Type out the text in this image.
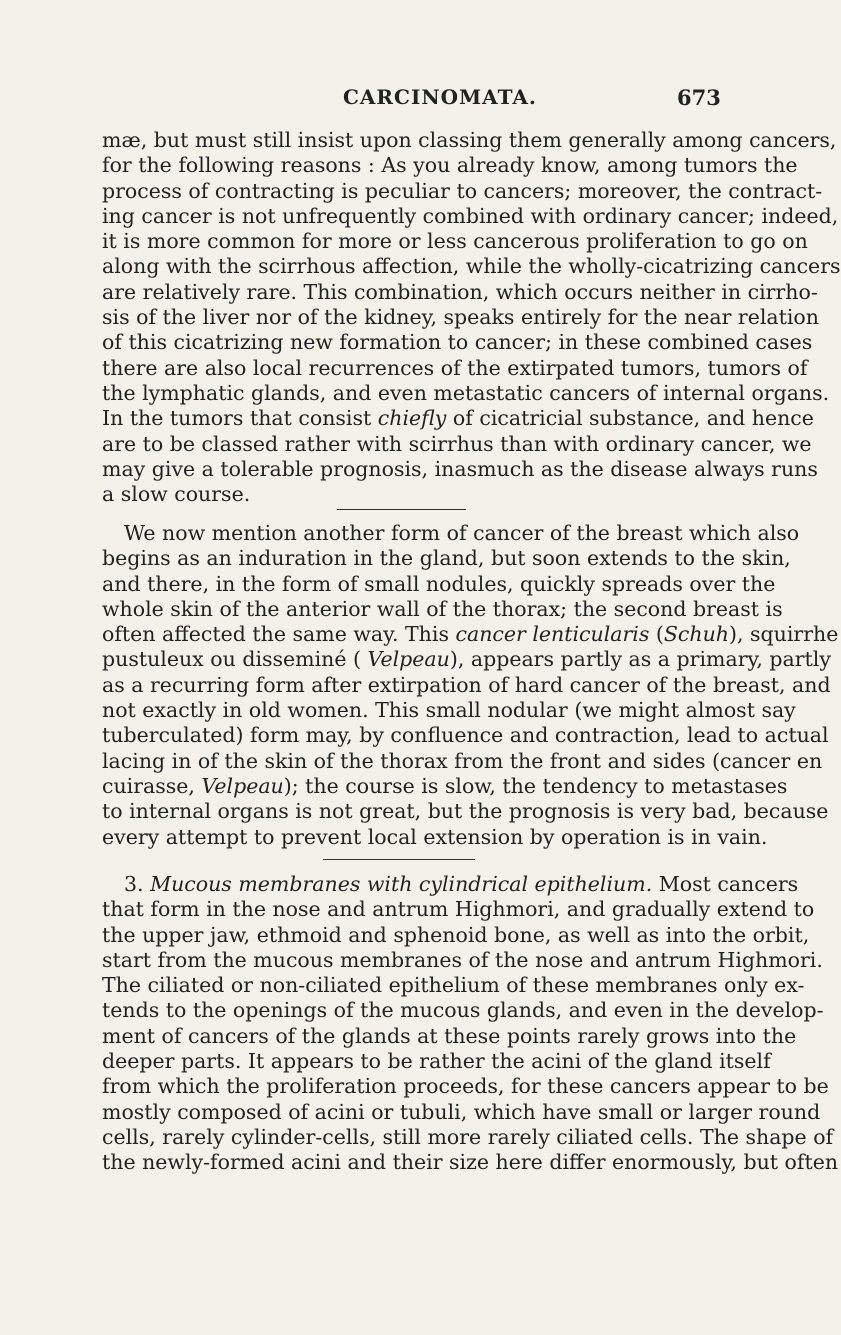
CARCINOMATA.	673
mæ, but must still insist upon classing them generally among cancers,
for the following reasons : As you already know, among tumors the
process of contracting is peculiar to cancers; moreover, the contract-
ing cancer is not unfrequently combined with ordinary cancer; indeed,
it is more common for more or less cancerous proliferation to go on
along with the scirrhous affection, while the wholly-cicatrizing cancers
are relatively rare. This combination, which occurs neither in cirrho-
sis of the liver nor of the kidney, speaks entirely for the near relation
of this cicatrizing new formation to cancer; in these combined cases
there are also local recurrences of the extirpated tumors, tumors of
the lymphatic glands, and even metastatic cancers of internal organs.
In the tumors that consist chiefly of cicatricial substance, and hence
are to be classed rather with scirrhus than with ordinary cancer, we
may give a tolerable prognosis, inasmuch as the disease always runs
a slow course.
We now mention another form of cancer of the breast which also
begins as an induration in the gland, but soon extends to the skin,
and there, in the form of small nodules, quickly spreads over the
whole skin of the anterior wall of the thorax; the second breast is
often affected the same way. This cancer lenticularis (Schuh), squirrhe
pustuleux ou disseminé ( Velpeau), appears partly as a primary, partly
as a recurring form after extirpation of hard cancer of the breast, and
not exactly in old women. This small nodular (we might almost say
tuberculated) form may, by confluence and contraction, lead to actual
lacing in of the skin of the thorax from the front and sides (cancer en
cuirasse, Velpeau); the course is slow, the tendency to metastases
to internal organs is not great, but the prognosis is very bad, because
every attempt to prevent local extension by operation is in vain.
3. Mucous membranes with cylindrical epithelium. Most cancers
that form in the nose and antrum Highmori, and gradually extend to
the upper jaw, ethmoid and sphenoid bone, as well as into the orbit,
start from the mucous membranes of the nose and antrum Highmori.
The ciliated or non-ciliated epithelium of these membranes only ex-
tends to the openings of the mucous glands, and even in the develop-
ment of cancers of the glands at these points rarely grows into the
deeper parts. It appears to be rather the acini of the gland itself
from which the proliferation proceeds, for these cancers appear to be
mostly composed of acini or tubuli, which have small or larger round
cells, rarely cylinder-cells, still more rarely ciliated cells. The shape of
the newly-formed acini and their size here differ enormously, but often
